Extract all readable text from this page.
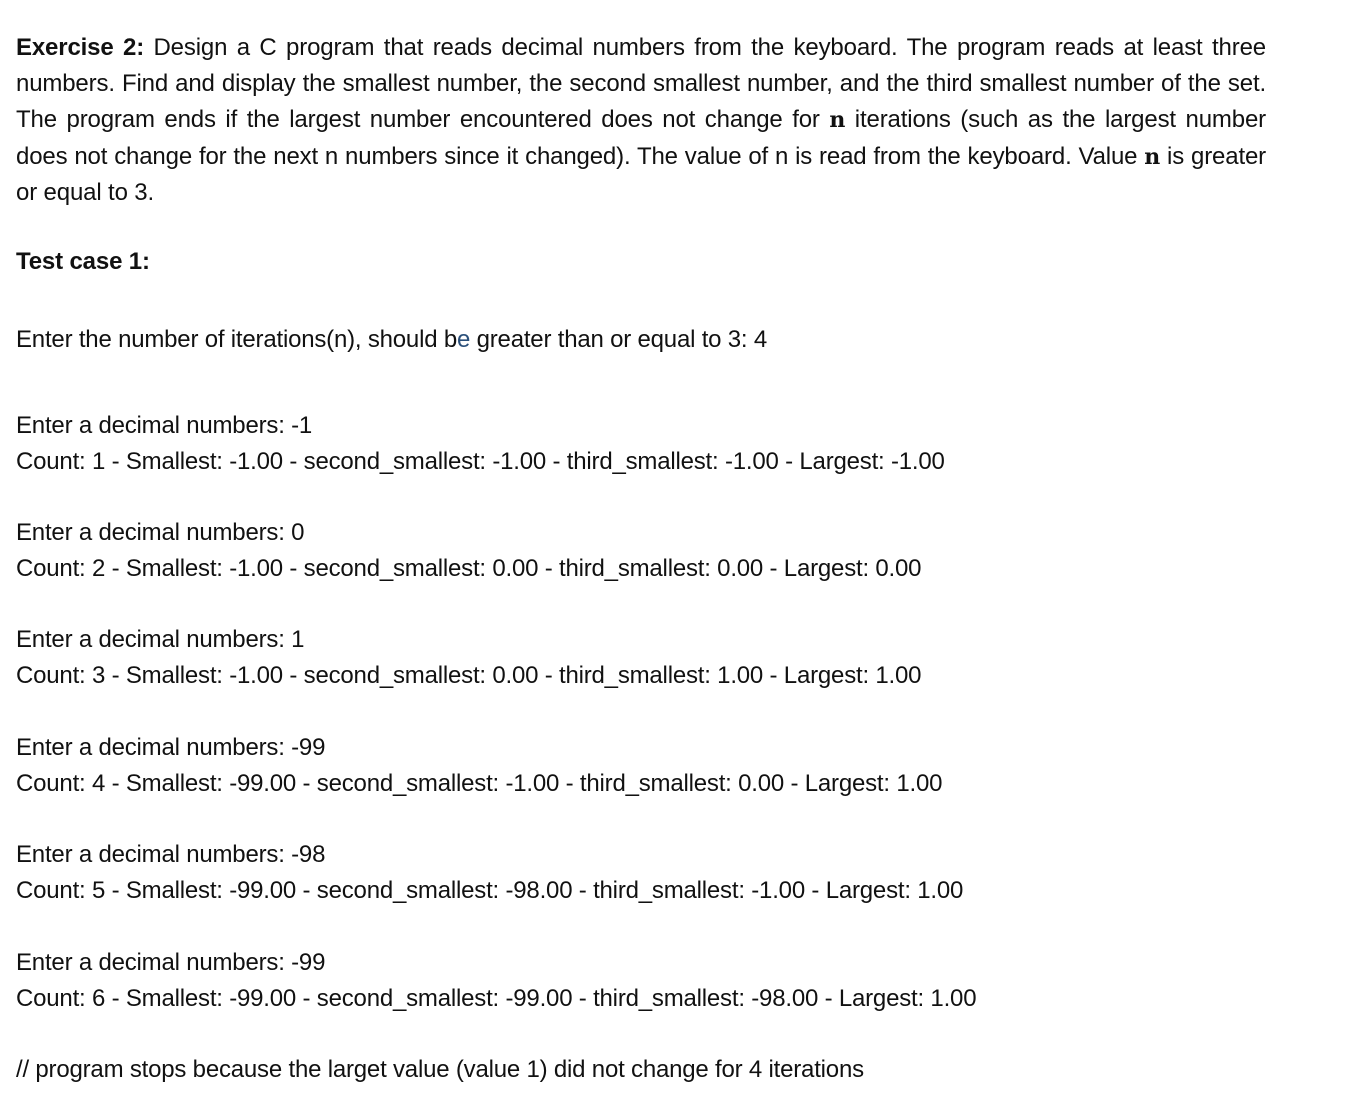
Exercise 2: Design a C program that reads decimal numbers from the keyboard. The program reads at least three numbers. Find and display the smallest number, the second smallest number, and the third smallest number of the set. The program ends if the largest number encountered does not change for n iterations (such as the largest number does not change for the next n numbers since it changed). The value of n is read from the keyboard. Value n is greater or equal to 3.

Test case 1:

Enter the number of iterations(n), should be greater than or equal to 3: 4

Enter a decimal numbers: -1

Count: 1 - Smallest: -1.00 - second_smallest: -1.00 - third_smallest: -1.00 - Largest: -1.00

Enter a decimal numbers: 0

Count: 2 - Smallest: -1.00 - second_smallest: 0.00 - third_smallest: 0.00 - Largest: 0.00

Enter a decimal numbers: 1

Count: 3 - Smallest: -1.00 - second_smallest: 0.00 - third_smallest: 1.00 - Largest: 1.00

Enter a decimal numbers: -99

Count: 4 - Smallest: -99.00 - second_smallest: -1.00 - third_smallest: 0.00 - Largest: 1.00

Enter a decimal numbers: -98

Count: 5 - Smallest: -99.00 - second_smallest: -98.00 - third_smallest: -1.00 - Largest: 1.00

Enter a decimal numbers: -99

Count: 6 - Smallest: -99.00 - second_smallest: -99.00 - third_smallest: -98.00 - Largest: 1.00

// program stops because the larget value (value 1) did not change for 4 iterations
